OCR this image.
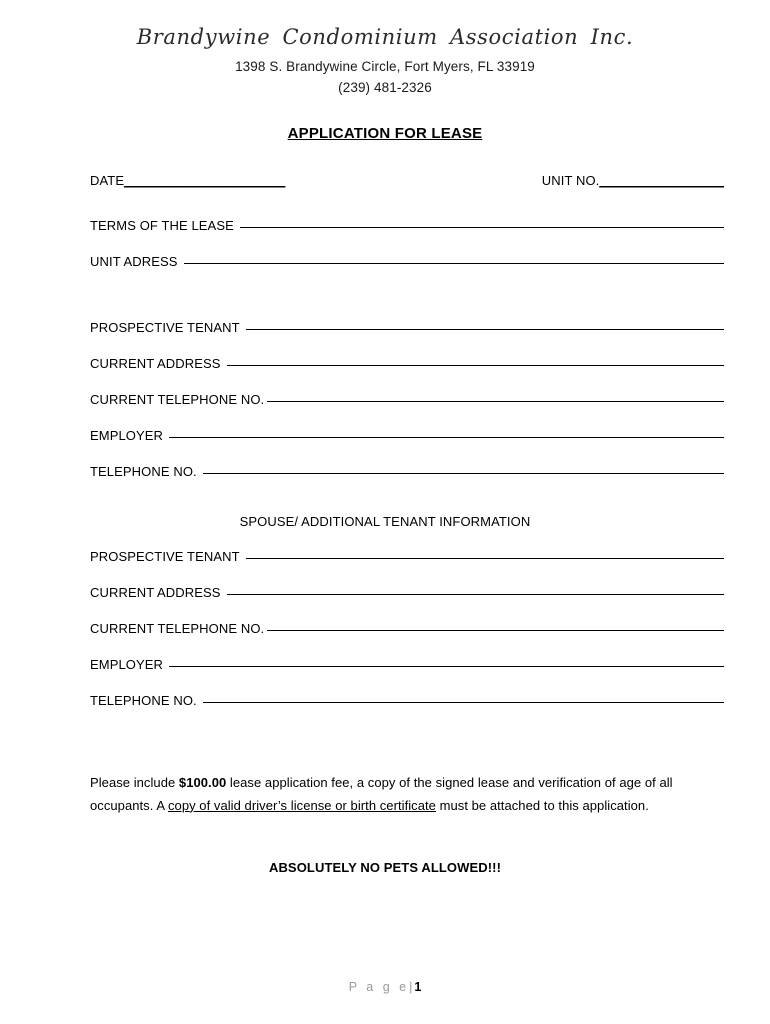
Brandywine Condominium Association Inc.
1398 S. Brandywine Circle, Fort Myers, FL 33919
(239) 481-2326
APPLICATION FOR LEASE
DATE______________________	UNIT NO._________________
TERMS OF THE LEASE
UNIT ADRESS
PROSPECTIVE TENANT
CURRENT ADDRESS
CURRENT TELEPHONE NO.
EMPLOYER
TELEPHONE NO.
SPOUSE/ ADDITIONAL TENANT INFORMATION
PROSPECTIVE TENANT
CURRENT ADDRESS
CURRENT TELEPHONE NO.
EMPLOYER
TELEPHONE NO.

Please include $100.00 lease application fee, a copy of the signed lease and verification of age of all occupants. A copy of valid driver’s license or birth certificate must be attached to this application.

ABSOLUTELY NO PETS ALLOWED!!!
P a g e|1
